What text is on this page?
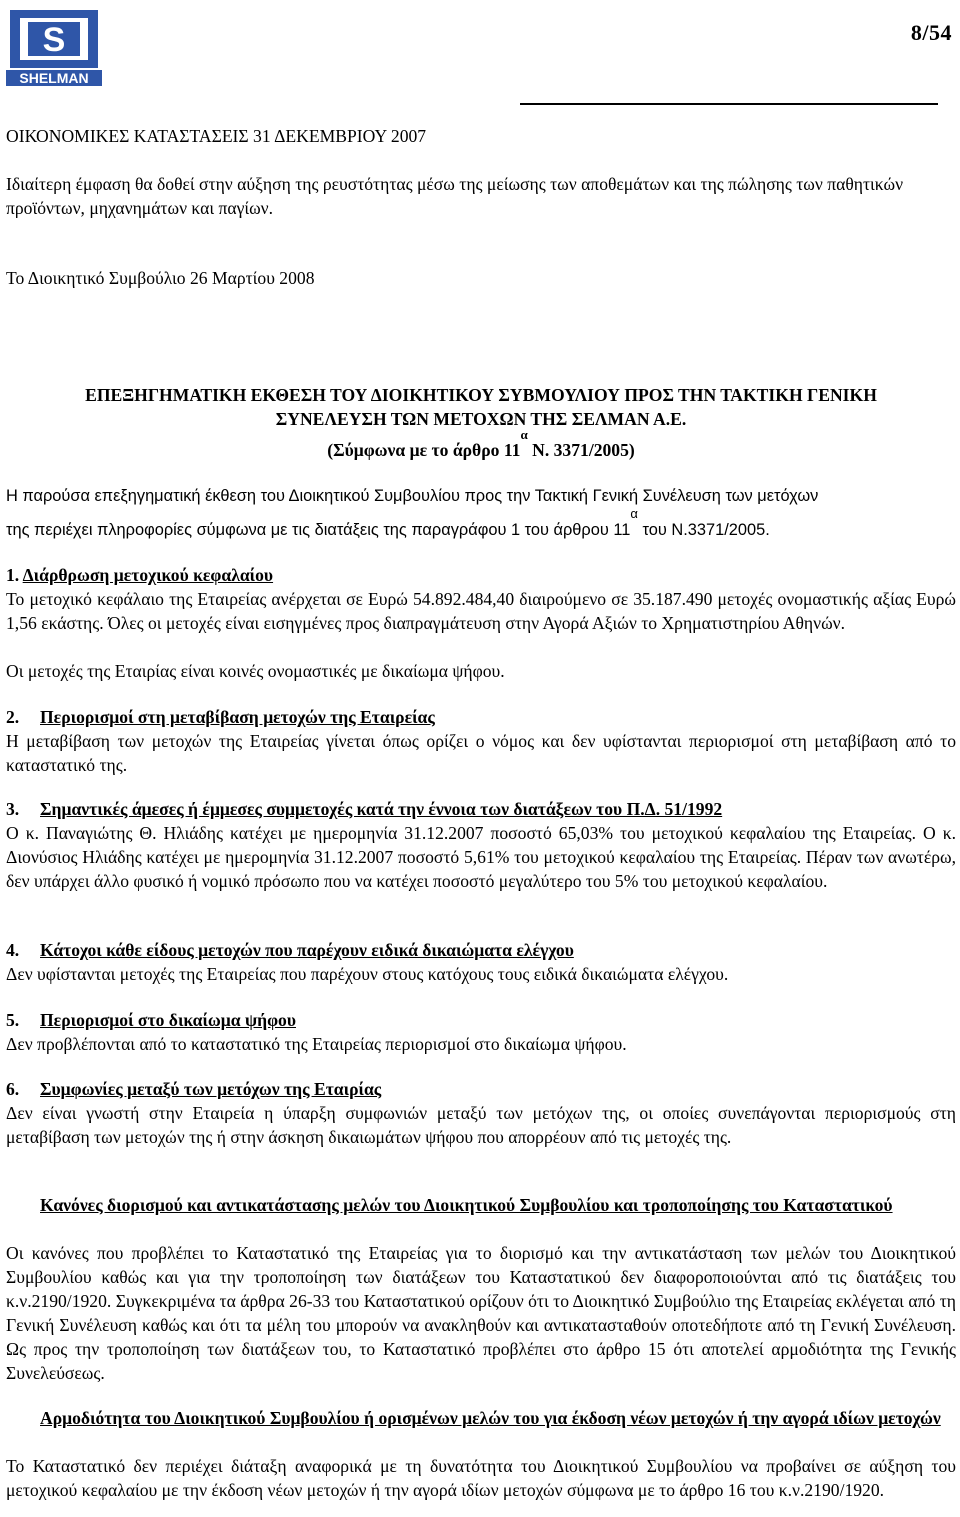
S
SHELMAN
8/54
ΟΙΚΟΝΟΜΙΚΕΣ ΚΑΤΑΣΤΑΣΕΙΣ 31 ΔΕΚΕΜΒΡΙΟΥ 2007
Ιδιαίτερη έμφαση θα δοθεί στην αύξηση της ρευστότητας μέσω της μείωσης των αποθεμάτων και της πώλησης των παθητικών προϊόντων, μηχανημάτων και παγίων.
Το Διοικητικό Συμβούλιο 26 Μαρτίου 2008
ΕΠΕΞΗΓΗΜΑΤΙΚΗ ΕΚΘΕΣΗ ΤΟΥ ΔΙΟΙΚΗΤΙΚΟΥ ΣΥΒΜΟΥΛΙΟΥ ΠΡΟΣ ΤΗΝ ΤΑΚΤΙΚΗ ΓΕΝΙΚΗ
ΣΥΝΕΛΕΥΣΗ ΤΩΝ ΜΕΤΟΧΩΝ ΤΗΣ ΣΕΛΜΑΝ Α.Ε.
(Σύμφωνα με το άρθρο $11^\alpha$ Ν. 3371/2005)
Η παρούσα επεξηγηματική έκθεση του Διοικητικού Συμβουλίου προς την Τακτική Γενική Συνέλευση των μετόχων
της περιέχει πληροφορίες σύμφωνα με τις διατάξεις της παραγράφου 1 του άρθρου $11^\alpha$ του Ν.3371/2005.
1. Διάρθρωση μετοχικού κεφαλαίου
Το μετοχικό κεφάλαιο της Εταιρείας ανέρχεται σε Ευρώ 54.892.484,40 διαιρούμενο σε 35.187.490 μετοχές ονομαστικής αξίας Ευρώ 1,56 εκάστης. Όλες οι μετοχές είναι εισηγμένες προς διαπραγμάτευση στην Αγορά Αξιών το Χρηματιστηρίου Αθηνών.
Οι μετοχές της Εταιρίας είναι κοινές ονομαστικές με δικαίωμα ψήφου.
2. Περιορισμοί στη μεταβίβαση μετοχών της Εταιρείας
Η μεταβίβαση των μετοχών της Εταιρείας γίνεται όπως ορίζει ο νόμος και δεν υφίστανται περιορισμοί στη μεταβίβαση από το καταστατικό της.
3. Σημαντικές άμεσες ή έμμεσες συμμετοχές κατά την έννοια των διατάξεων του Π.Δ. 51/1992
Ο κ. Παναγιώτης Θ. Ηλιάδης κατέχει με ημερομηνία 31.12.2007 ποσοστό 65,03% του μετοχικού κεφαλαίου της Εταιρείας. Ο κ. Διονύσιος Ηλιάδης κατέχει με ημερομηνία 31.12.2007 ποσοστό 5,61% του μετοχικού κεφαλαίου της Εταιρείας. Πέραν των ανωτέρω, δεν υπάρχει άλλο φυσικό ή νομικό πρόσωπο που να κατέχει ποσοστό μεγαλύτερο του 5% του μετοχικού κεφαλαίου.
4. Κάτοχοι κάθε είδους μετοχών που παρέχουν ειδικά δικαιώματα ελέγχου
Δεν υφίστανται μετοχές της Εταιρείας που παρέχουν στους κατόχους τους ειδικά δικαιώματα ελέγχου.
5. Περιορισμοί στο δικαίωμα ψήφου
Δεν προβλέπονται από το καταστατικό της Εταιρείας περιορισμοί στο δικαίωμα ψήφου.
6. Συμφωνίες μεταξύ των μετόχων της Εταιρίας
Δεν είναι γνωστή στην Εταιρεία η ύπαρξη συμφωνιών μεταξύ των μετόχων της, οι οποίες συνεπάγονται περιορισμούς στη μεταβίβαση των μετοχών της ή στην άσκηση δικαιωμάτων ψήφου που απορρέουν από τις μετοχές της.
Κανόνες διορισμού και αντικατάστασης μελών του Διοικητικού Συμβουλίου και τροποποίησης του Καταστατικού
Οι κανόνες που προβλέπει το Καταστατικό της Εταιρείας για το διορισμό και την αντικατάσταση των μελών του Διοικητικού Συμβουλίου καθώς και για την τροποποίηση των διατάξεων του Καταστατικού δεν διαφοροποιούνται από τις διατάξεις του κ.ν.2190/1920. Συγκεκριμένα τα άρθρα 26-33 του Καταστατικού ορίζουν ότι το Διοικητικό Συμβούλιο της Εταιρείας εκλέγεται από τη Γενική Συνέλευση καθώς και ότι τα μέλη του μπορούν να ανακληθούν και αντικατασταθούν οποτεδήποτε από τη Γενική Συνέλευση. Ως προς την τροποποίηση των διατάξεων του, το Καταστατικό προβλέπει στο άρθρο 15 ότι αποτελεί αρμοδιότητα της Γενικής Συνελεύσεως.
Αρμοδιότητα του Διοικητικού Συμβουλίου ή ορισμένων μελών του για έκδοση νέων μετοχών ή την αγορά ιδίων μετοχών
Το Καταστατικό δεν περιέχει διάταξη αναφορικά με τη δυνατότητα του Διοικητικού Συμβουλίου να προβαίνει σε αύξηση του μετοχικού κεφαλαίου με την έκδοση νέων μετοχών ή την αγορά ιδίων μετοχών σύμφωνα με το άρθρο 16 του κ.ν.2190/1920.
